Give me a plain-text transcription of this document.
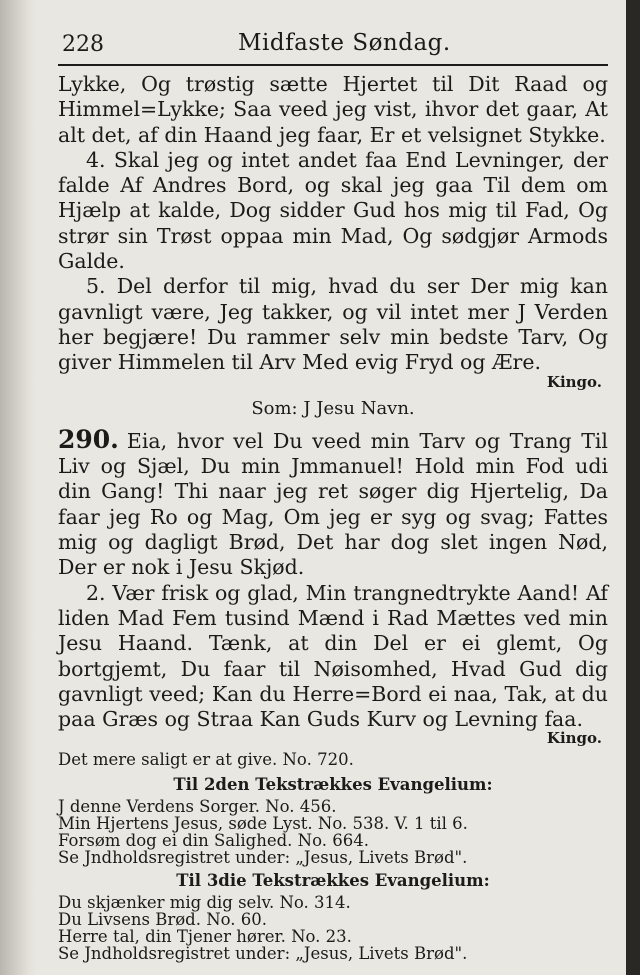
228	Midfaste Søndag.

Lykke, Og trøstig sætte Hjertet til Dit Raad og Himmel=Lykke; Saa veed jeg vist, ihvor det gaar, At alt det, af din Haand jeg faar, Er et velsignet Stykke.

4. Skal jeg og intet andet faa End Levninger, der falde Af Andres Bord, og skal jeg gaa Til dem om Hjælp at kalde, Dog sidder Gud hos mig til Fad, Og strør sin Trøst oppaa min Mad, Og sødgjør Armods Galde.

5. Del derfor til mig, hvad du ser Der mig kan gavnligt være, Jeg takker, og vil intet mer J Verden her begjære! Du rammer selv min bedste Tarv, Og giver Himmelen til Arv Med evig Fryd og Ære.

Kingo.
Som: J Jesu Navn.

290. Eia, hvor vel Du veed min Tarv og Trang Til Liv og Sjæl, Du min Jmmanuel! Hold min Fod udi din Gang! Thi naar jeg ret søger dig Hjertelig, Da faar jeg Ro og Mag, Om jeg er syg og svag; Fattes mig og dagligt Brød, Det har dog slet ingen Nød, Der er nok i Jesu Skjød.

2. Vær frisk og glad, Min trangnedtrykte Aand! Af liden Mad Fem tusind Mænd i Rad Mættes ved min Jesu Haand. Tænk, at din Del er ei glemt, Og bortgjemt, Du faar til Nøisomhed, Hvad Gud dig gavnligt veed; Kan du Herre=Bord ei naa, Tak, at du paa Græs og Straa Kan Guds Kurv og Levning faa.

Kingo.

Det mere saligt er at give. No. 720.

Til 2den Tekstrækkes Evangelium:
J denne Verdens Sorger. No. 456.
Min Hjertens Jesus, søde Lyst. No. 538. V. 1 til 6.
Forsøm dog ei din Salighed. No. 664.
Se Jndholdsregistret under: „Jesus, Livets Brød".
Til 3die Tekstrækkes Evangelium:
Du skjænker mig dig selv. No. 314.
Du Livsens Brød. No. 60.
Herre tal, din Tjener hører. No. 23.
Se Jndholdsregistret under: „Jesus, Livets Brød".
